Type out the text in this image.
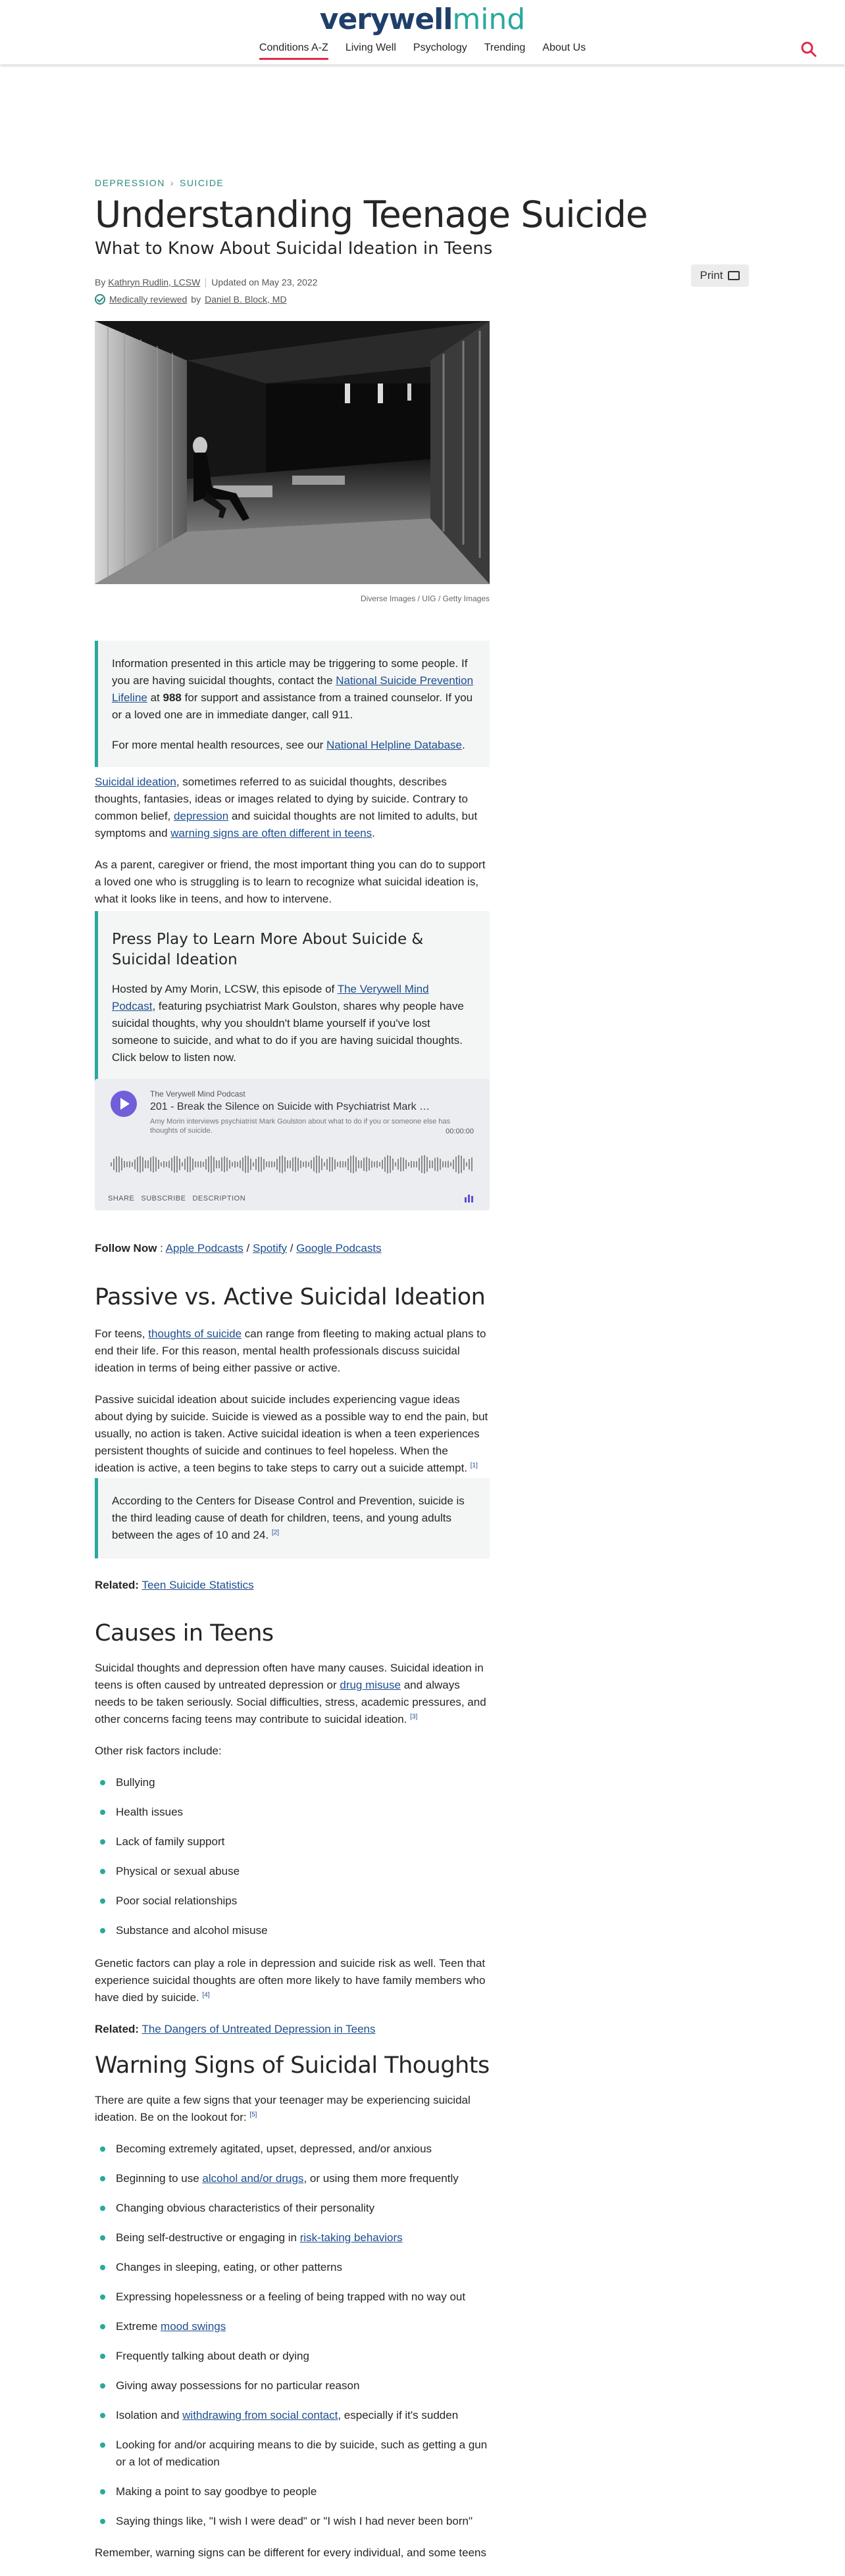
verywellmind
Conditions A-Z Living Well Psychology Trending About Us
DEPRESSION › SUICIDE
Understanding Teenage Suicide
What to Know About Suicidal Ideation in Teens
By Kathryn Rudlin, LCSW Updated on May 23, 2022
Medically reviewed by Daniel B. Block, MD
Print
Diverse Images / UIG / Getty Images

Information presented in this article may be triggering to some people. If you are having suicidal thoughts, contact the National Suicide Prevention Lifeline at 988 for support and assistance from a trained counselor. If you or a loved one are in immediate danger, call 911.

For more mental health resources, see our National Helpline Database.

Suicidal ideation, sometimes referred to as suicidal thoughts, describes thoughts, fantasies, ideas or images related to dying by suicide. Contrary to common belief, depression and suicidal thoughts are not limited to adults, but symptoms and warning signs are often different in teens.

As a parent, caregiver or friend, the most important thing you can do to support a loved one who is struggling is to learn to recognize what suicidal ideation is, what it looks like in teens, and how to intervene.

Press Play to Learn More About Suicide & Suicidal Ideation

Hosted by Amy Morin, LCSW, this episode of The Verywell Mind Podcast, featuring psychiatrist Mark Goulston, shares why people have suicidal thoughts, why you shouldn't blame yourself if you've lost someone to suicide, and what to do if you are having suicidal thoughts. Click below to listen now.

The Verywell Mind Podcast
201 - Break the Silence on Suicide with Psychiatrist Mark …
Amy Morin interviews psychiatrist Mark Goulston about what to do if you or someone else has thoughts of suicide.	00:00:00
SHARE SUBSCRIBE DESCRIPTION

Follow Now : Apple Podcasts / Spotify / Google Podcasts

Passive vs. Active Suicidal Ideation

For teens, thoughts of suicide can range from fleeting to making actual plans to end their life. For this reason, mental health professionals discuss suicidal ideation in terms of being either passive or active.

Passive suicidal ideation about suicide includes experiencing vague ideas about dying by suicide. Suicide is viewed as a possible way to end the pain, but usually, no action is taken. Active suicidal ideation is when a teen experiences persistent thoughts of suicide and continues to feel hopeless. When the ideation is active, a teen begins to take steps to carry out a suicide attempt. [1]

According to the Centers for Disease Control and Prevention, suicide is the third leading cause of death for children, teens, and young adults between the ages of 10 and 24. [2]

Related: Teen Suicide Statistics

Causes in Teens

Suicidal thoughts and depression often have many causes. Suicidal ideation in teens is often caused by untreated depression or drug misuse and always needs to be taken seriously. Social difficulties, stress, academic pressures, and other concerns facing teens may contribute to suicidal ideation. [3]

Other risk factors include:

Bullying
Health issues
Lack of family support
Physical or sexual abuse
Poor social relationships
Substance and alcohol misuse

Genetic factors can play a role in depression and suicide risk as well. Teen that experience suicidal thoughts are often more likely to have family members who have died by suicide. [4]

Related: The Dangers of Untreated Depression in Teens

Warning Signs of Suicidal Thoughts

There are quite a few signs that your teenager may be experiencing suicidal ideation. Be on the lookout for: [5]

Becoming extremely agitated, upset, depressed, and/or anxious
Beginning to use alcohol and/or drugs, or using them more frequently
Changing obvious characteristics of their personality
Being self-destructive or engaging in risk-taking behaviors
Changes in sleeping, eating, or other patterns
Expressing hopelessness or a feeling of being trapped with no way out
Extreme mood swings
Frequently talking about death or dying
Giving away possessions for no particular reason
Isolation and withdrawing from social contact, especially if it's sudden
Looking for and/or acquiring means to die by suicide, such as getting a gun or a lot of medication
Making a point to say goodbye to people
Saying things like, "I wish I were dead" or "I wish I had never been born"

Remember, warning signs can be different for every individual, and some teens
